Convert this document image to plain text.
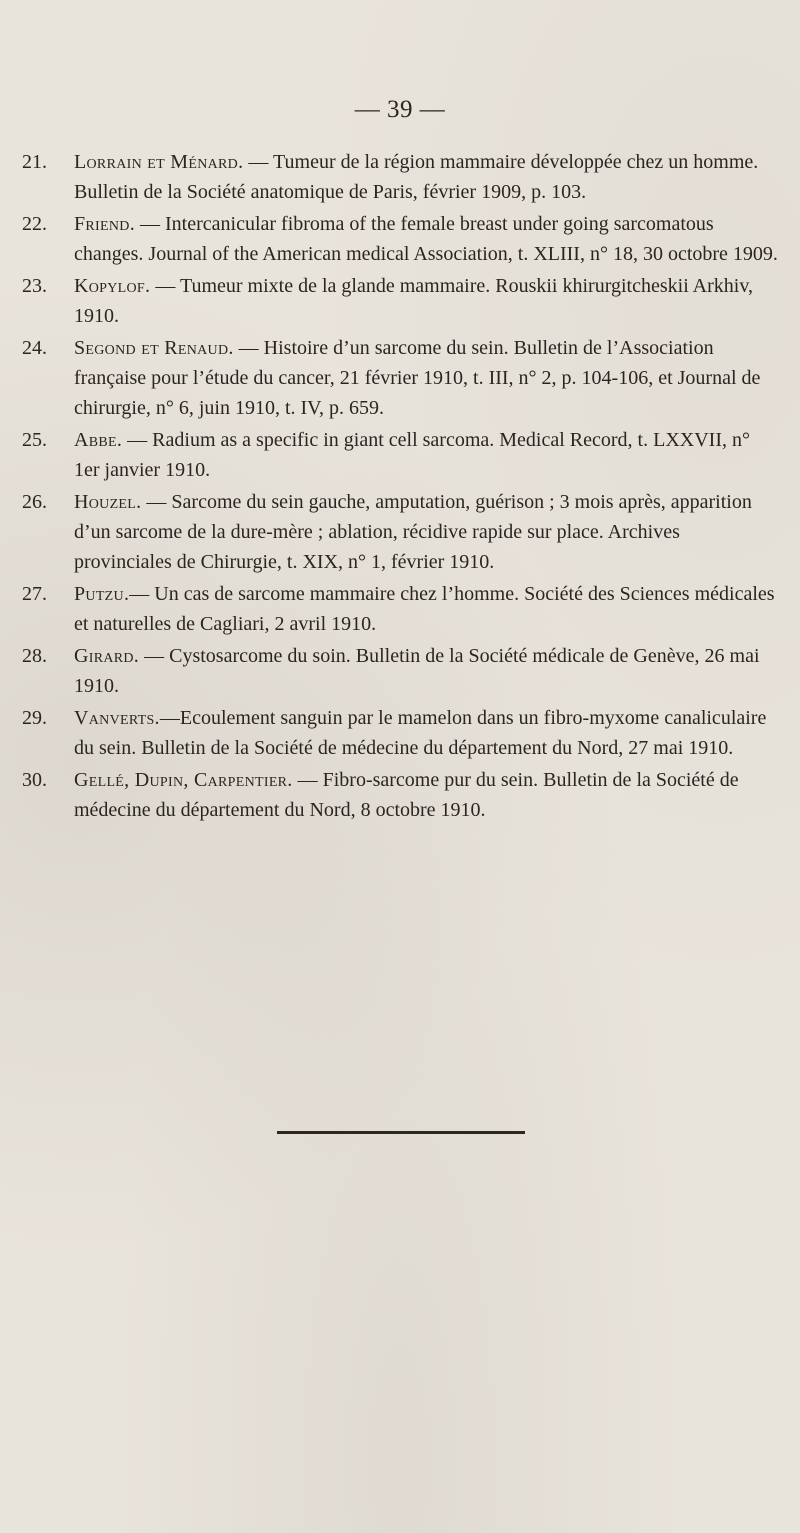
— 39 —
21. Lorrain et Ménard. — Tumeur de la région mammaire développée chez un homme. Bulletin de la Société anatomique de Paris, février 1909, p. 103.
22. Friend. — Intercanicular fibroma of the female breast under going sarcomatous changes. Journal of the American medical Association, t. XLIII, n° 18, 30 octobre 1909.
23. Kopylof. — Tumeur mixte de la glande mammaire. Rouskii khirurgitcheskii Arkhiv, 1910.
24. Segond et Renaud. — Histoire d’un sarcome du sein. Bulletin de l’Association française pour l’étude du cancer, 21 février 1910, t. III, n° 2, p. 104-106, et Journal de chirurgie, n° 6, juin 1910, t. IV, p. 659.
25. Abbe. — Radium as a specific in giant cell sarcoma. Medical Record, t. LXXVII, n° 1er janvier 1910.
26. Houzel. — Sarcome du sein gauche, amputation, guérison ; 3 mois après, apparition d’un sarcome de la dure-mère ; ablation, récidive rapide sur place. Archives provinciales de Chirurgie, t. XIX, n° 1, février 1910.
27. Putzu.— Un cas de sarcome mammaire chez l’homme. Société des Sciences médicales et naturelles de Cagliari, 2 avril 1910.
28. Girard. — Cystosarcome du soin. Bulletin de la Société médicale de Genève, 26 mai 1910.
29. Vanverts.—Ecoulement sanguin par le mamelon dans un fibro-myxome canaliculaire du sein. Bulletin de la Société de médecine du département du Nord, 27 mai 1910.
30. Gellé, Dupin, Carpentier. — Fibro-sarcome pur du sein. Bulletin de la Société de médecine du département du Nord, 8 octobre 1910.
